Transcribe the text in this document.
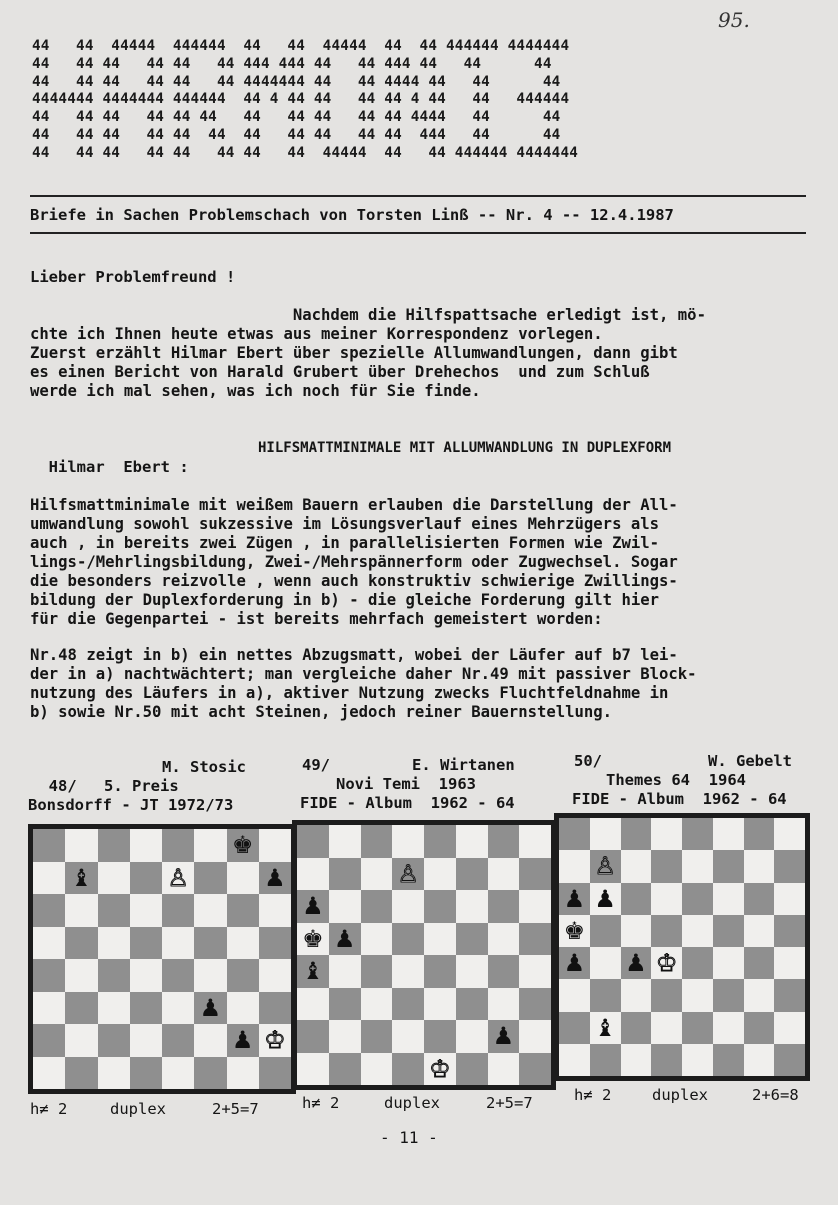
95.
44   44  44444  444444  44   44  44444  44  44 444444 4444444
44   44 44   44 44   44 444 444 44   44 444 44   44      44
44   44 44   44 44   44 4444444 44   44 4444 44   44      44
4444444 4444444 444444  44 4 44 44   44 44 4 44   44   444444
44   44 44   44 44 44   44   44 44   44 44 4444   44      44
44   44 44   44 44  44  44   44 44   44 44  444   44      44
44   44 44   44 44   44 44   44  44444  44   44 444444 4444444
Briefe in Sachen Problemschach von Torsten Linß -- Nr. 4 -- 12.4.1987
Lieber Problemfreund !
Nachdem die Hilfspattsache erledigt ist, mö-
chte ich Ihnen heute etwas aus meiner Korrespondenz vorlegen.
Zuerst erzählt Hilmar Ebert über spezielle Allumwandlungen, dann gibt
es einen Bericht von Harald Grubert über Drehechos  und zum Schluß
werde ich mal sehen, was ich noch für Sie finde.

Hilmar  Ebert :

HILFSMATTMINIMALE MIT ALLUMWANDLUNG IN DUPLEXFORM

Hilfsmattminimale mit weißem Bauern erlauben die Darstellung der All-
umwandlung sowohl sukzessive im Lösungsverlauf eines Mehrzügers als
auch , in bereits zwei Zügen , in parallelisierten Formen wie Zwil-
lings-/Mehrlingsbildung, Zwei-/Mehrspännerform oder Zugwechsel. Sogar
die besonders reizvolle , wenn auch konstruktiv schwierige Zwillings-
bildung der Duplexforderung in b) - die gleiche Forderung gilt hier
für die Gegenpartei - ist bereits mehrfach gemeistert worden:
Nr.48 zeigt in b) ein nettes Abzugsmatt, wobei der Läufer auf b7 lei-
der in a) nachtwächtert; man vergleiche daher Nr.49 mit passiver Block-
nutzung des Läufers in a), aktiver Nutzung zwecks Fluchtfeldnahme in
b) sowie Nr.50 mit acht Steinen, jedoch reiner Bauernstellung.

48/

M. Stosic
5. Preis
Bonsdorff - JT 1972/73
49/	E. Wirtanen
Novi Temi  1963
FIDE - Album  1962 - 64
50/	W. Gebelt
Themes 64  1964
FIDE - Album  1962 - 64
♚
♝	♙	♟
♟
♟ ♔
♙
♟
♚ ♟
♝
♟
♔
♙
♟ ♟
♚
♟ ♟ ♔
♝
h≠ 2	duplex	2+5=7	h≠ 2	duplex	2+5=7	h≠ 2	duplex	2+6=8
- 11 -
